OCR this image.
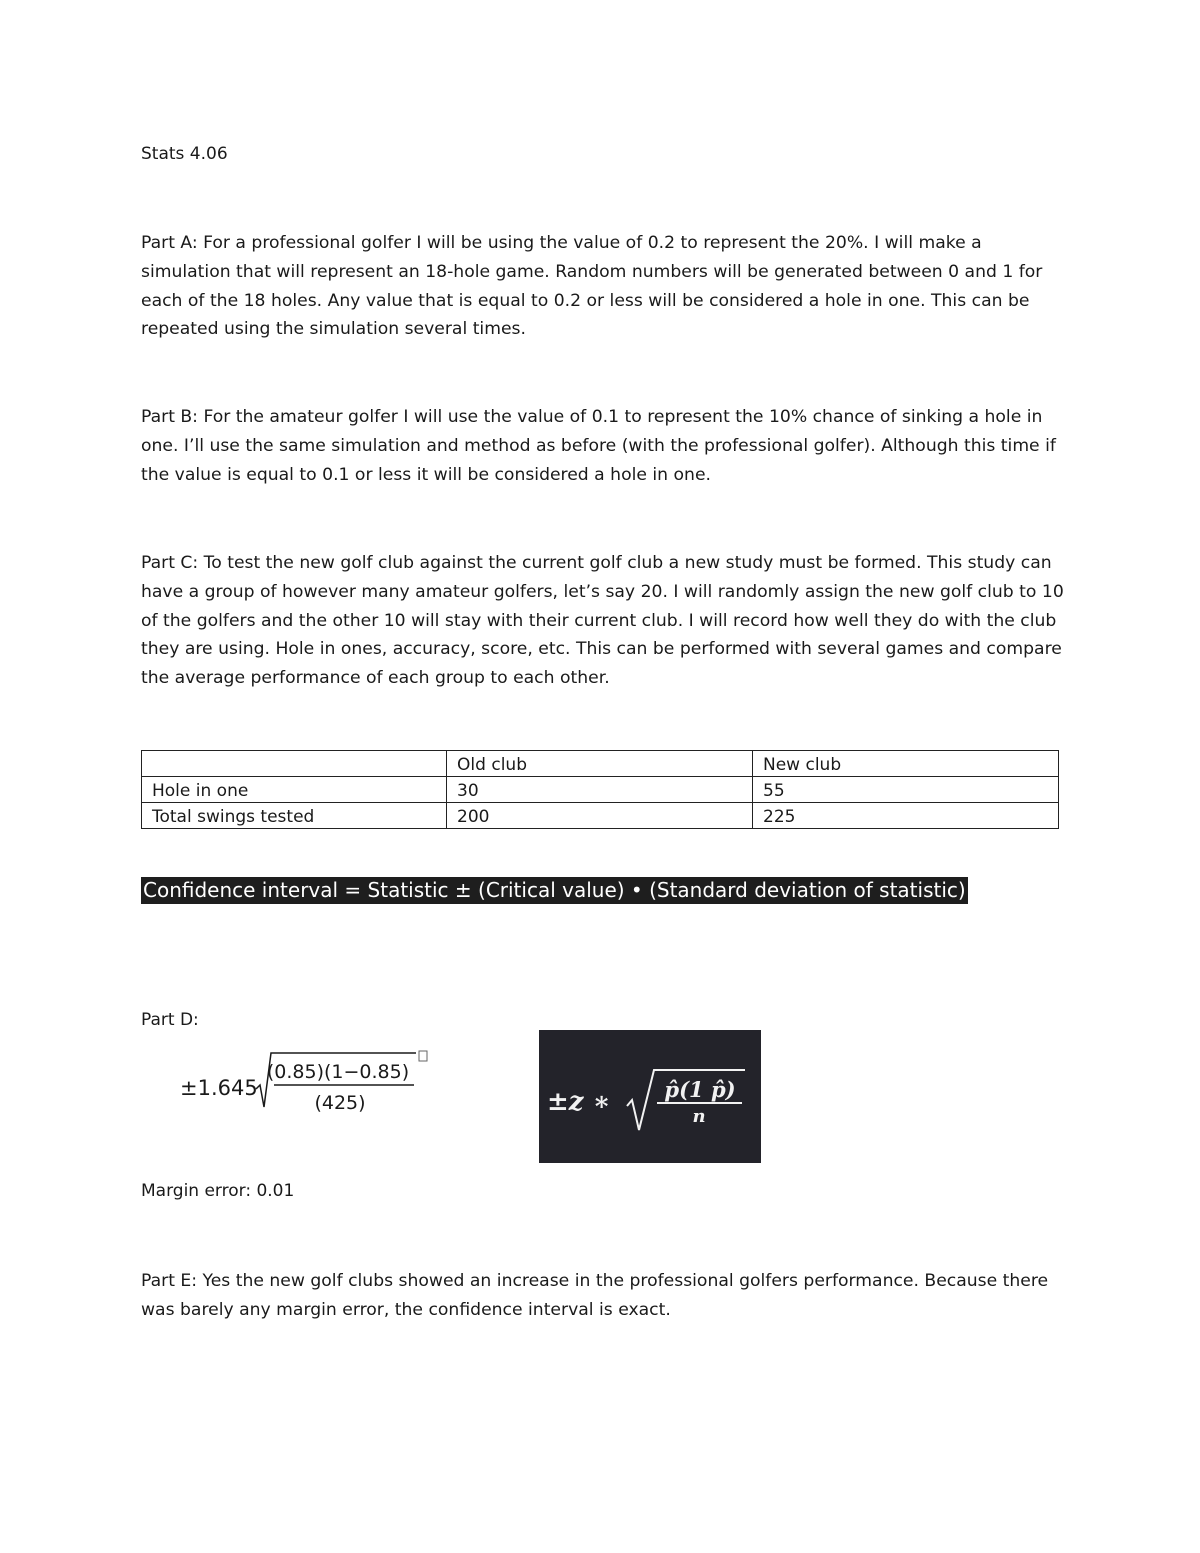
Stats 4.06

Part A: For a professional golfer I will be using the value of 0.2 to represent the 20%. I will make a simulation that will represent an 18-hole game. Random numbers will be generated between 0 and 1 for each of the 18 holes. Any value that is equal to 0.2 or less will be considered a hole in one. This can be repeated using the simulation several times.

Part B: For the amateur golfer I will use the value of 0.1 to represent the 10% chance of sinking a hole in one. I’ll use the same simulation and method as before (with the professional golfer). Although this time if the value is equal to 0.1 or less it will be considered a hole in one.

Part C: To test the new golf club against the current golf club a new study must be formed. This study can have a group of however many amateur golfers, let’s say 20. I will randomly assign the new golf club to 10 of the golfers and the other 10 will stay with their current club. I will record how well they do with the club they are using. Hole in ones, accuracy, score, etc. This can be performed with several games and compare the average performance of each group to each other.

	Old club	New club
Hole in one	30	55
Total swings tested	200	225
Confidence interval = Statistic ± (Critical value) • (Standard deviation of statistic)
Part D:
±1.645
(0.85)(1−0.85)
(425)	±z ∗	p̂(1 p̂)
n
Margin error: 0.01

Part E: Yes the new golf clubs showed an increase in the professional golfers performance. Because there was barely any margin error, the confidence interval is exact.
